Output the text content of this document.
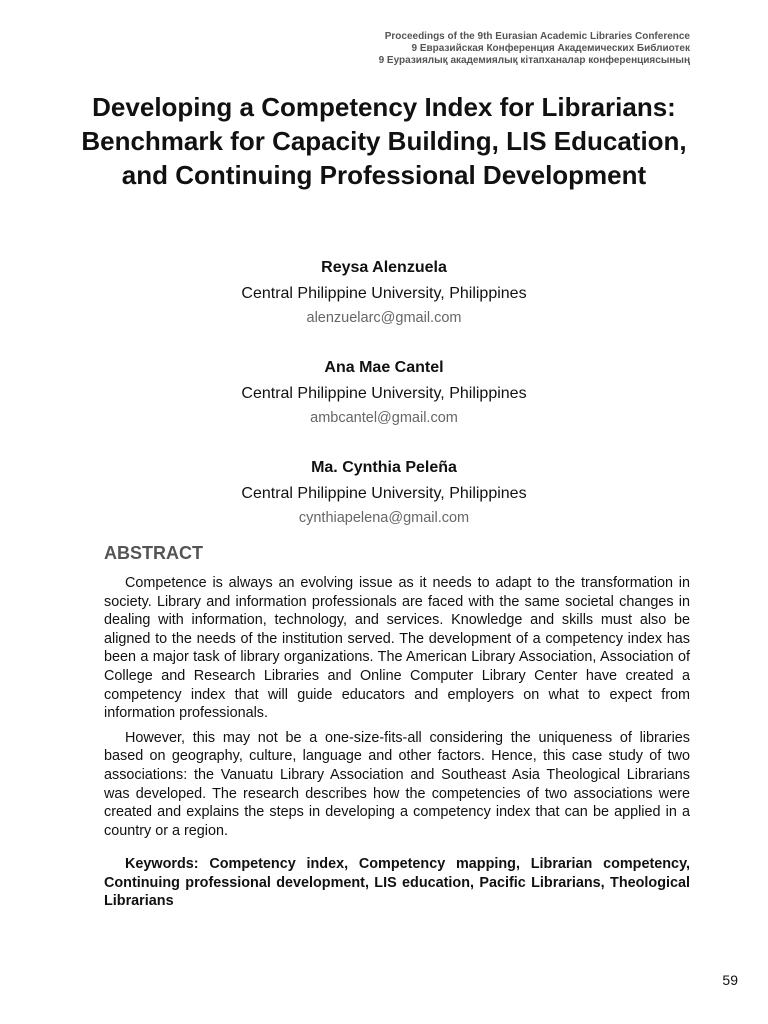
Proceedings of the 9th Eurasian Academic Libraries Conference
9 Евразийская Конференция Академических Библиотек
9 Еуразиялық академиялық кітапханалар конференциясының
Developing a Competency Index for Librarians: Benchmark for Capacity Building, LIS Education, and Continuing Professional Development
Reysa Alenzuela
Central Philippine University, Philippines
alenzuelarc@gmail.com
Ana Mae Cantel
Central Philippine University, Philippines
ambcantel@gmail.com
Ma. Cynthia Peleña
Central Philippine University, Philippines
cynthiapelena@gmail.com
ABSTRACT

Competence is always an evolving issue as it needs to adapt to the transformation in society. Library and information professionals are faced with the same societal changes in dealing with information, technology, and services. Knowledge and skills must also be aligned to the needs of the institution served. The development of a competency index has been a major task of library organizations. The American Library Association, Association of College and Research Libraries and Online Computer Library Center have created a competency index that will guide educators and employers on what to expect from information professionals.

However, this may not be a one-size-fits-all considering the uniqueness of libraries based on geography, culture, language and other factors. Hence, this case study of two associations: the Vanuatu Library Association and Southeast Asia Theological Librarians was developed. The research describes how the competencies of two associations were created and explains the steps in developing a competency index that can be applied in a country or a region.

Keywords: Competency index, Competency mapping, Librarian competency, Continuing professional development, LIS education, Pacific Librarians, Theological Librarians
59
